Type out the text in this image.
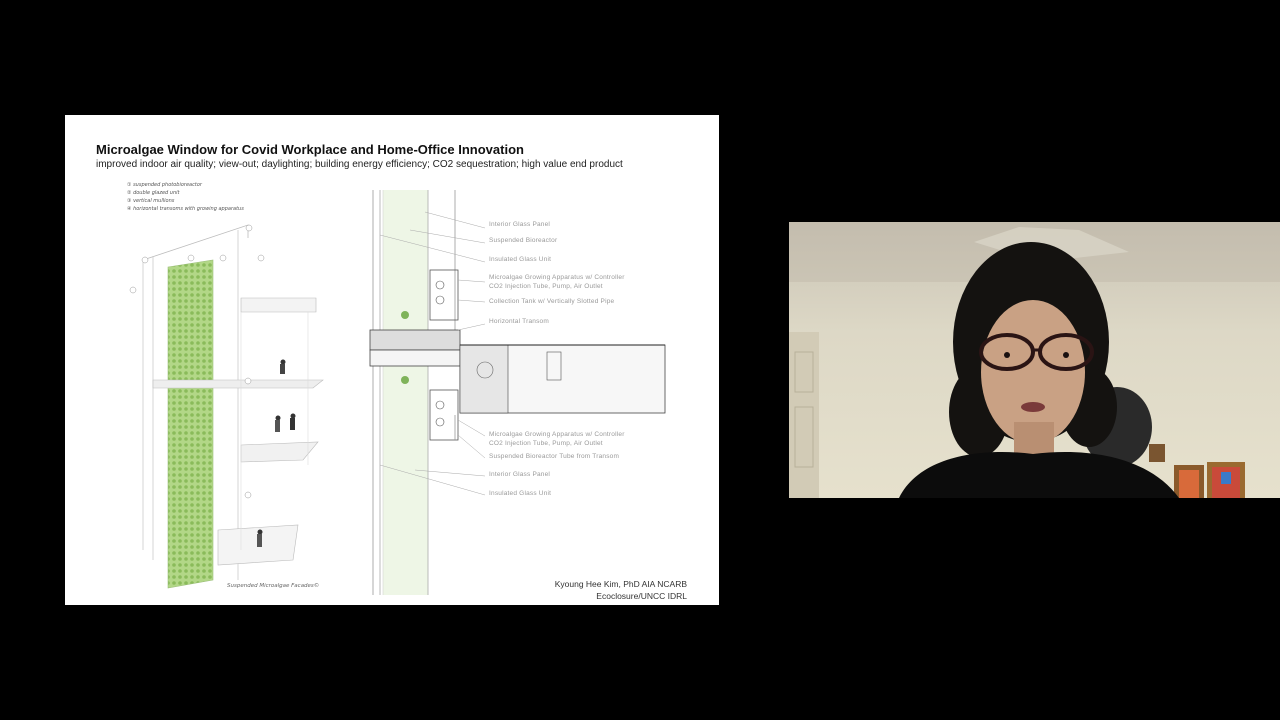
Microalgae Window for Covid Workplace and Home-Office Innovation
improved indoor air quality; view-out; daylighting; building energy efficiency; CO2 sequestration; high value end product
① suspended photobioreactor
② double glazed unit
③ vertical mullions
④ horizontal transoms with growing apparatus
Suspended Microalgae Facades©
Interior Glass Panel
Suspended Bioreactor
Insulated Glass Unit
Microalgae Growing Apparatus w/ Controller
CO2 Injection Tube, Pump, Air Outlet
Collection Tank w/ Vertically Slotted Pipe
Horizontal Transom
Microalgae Growing Apparatus w/ Controller
CO2 Injection Tube, Pump, Air Outlet
Suspended Bioreactor Tube from Transom
Interior Glass Panel
Insulated Glass Unit
Kyoung Hee Kim, PhD AIA NCARB
Ecoclosure/UNCC IDRL
